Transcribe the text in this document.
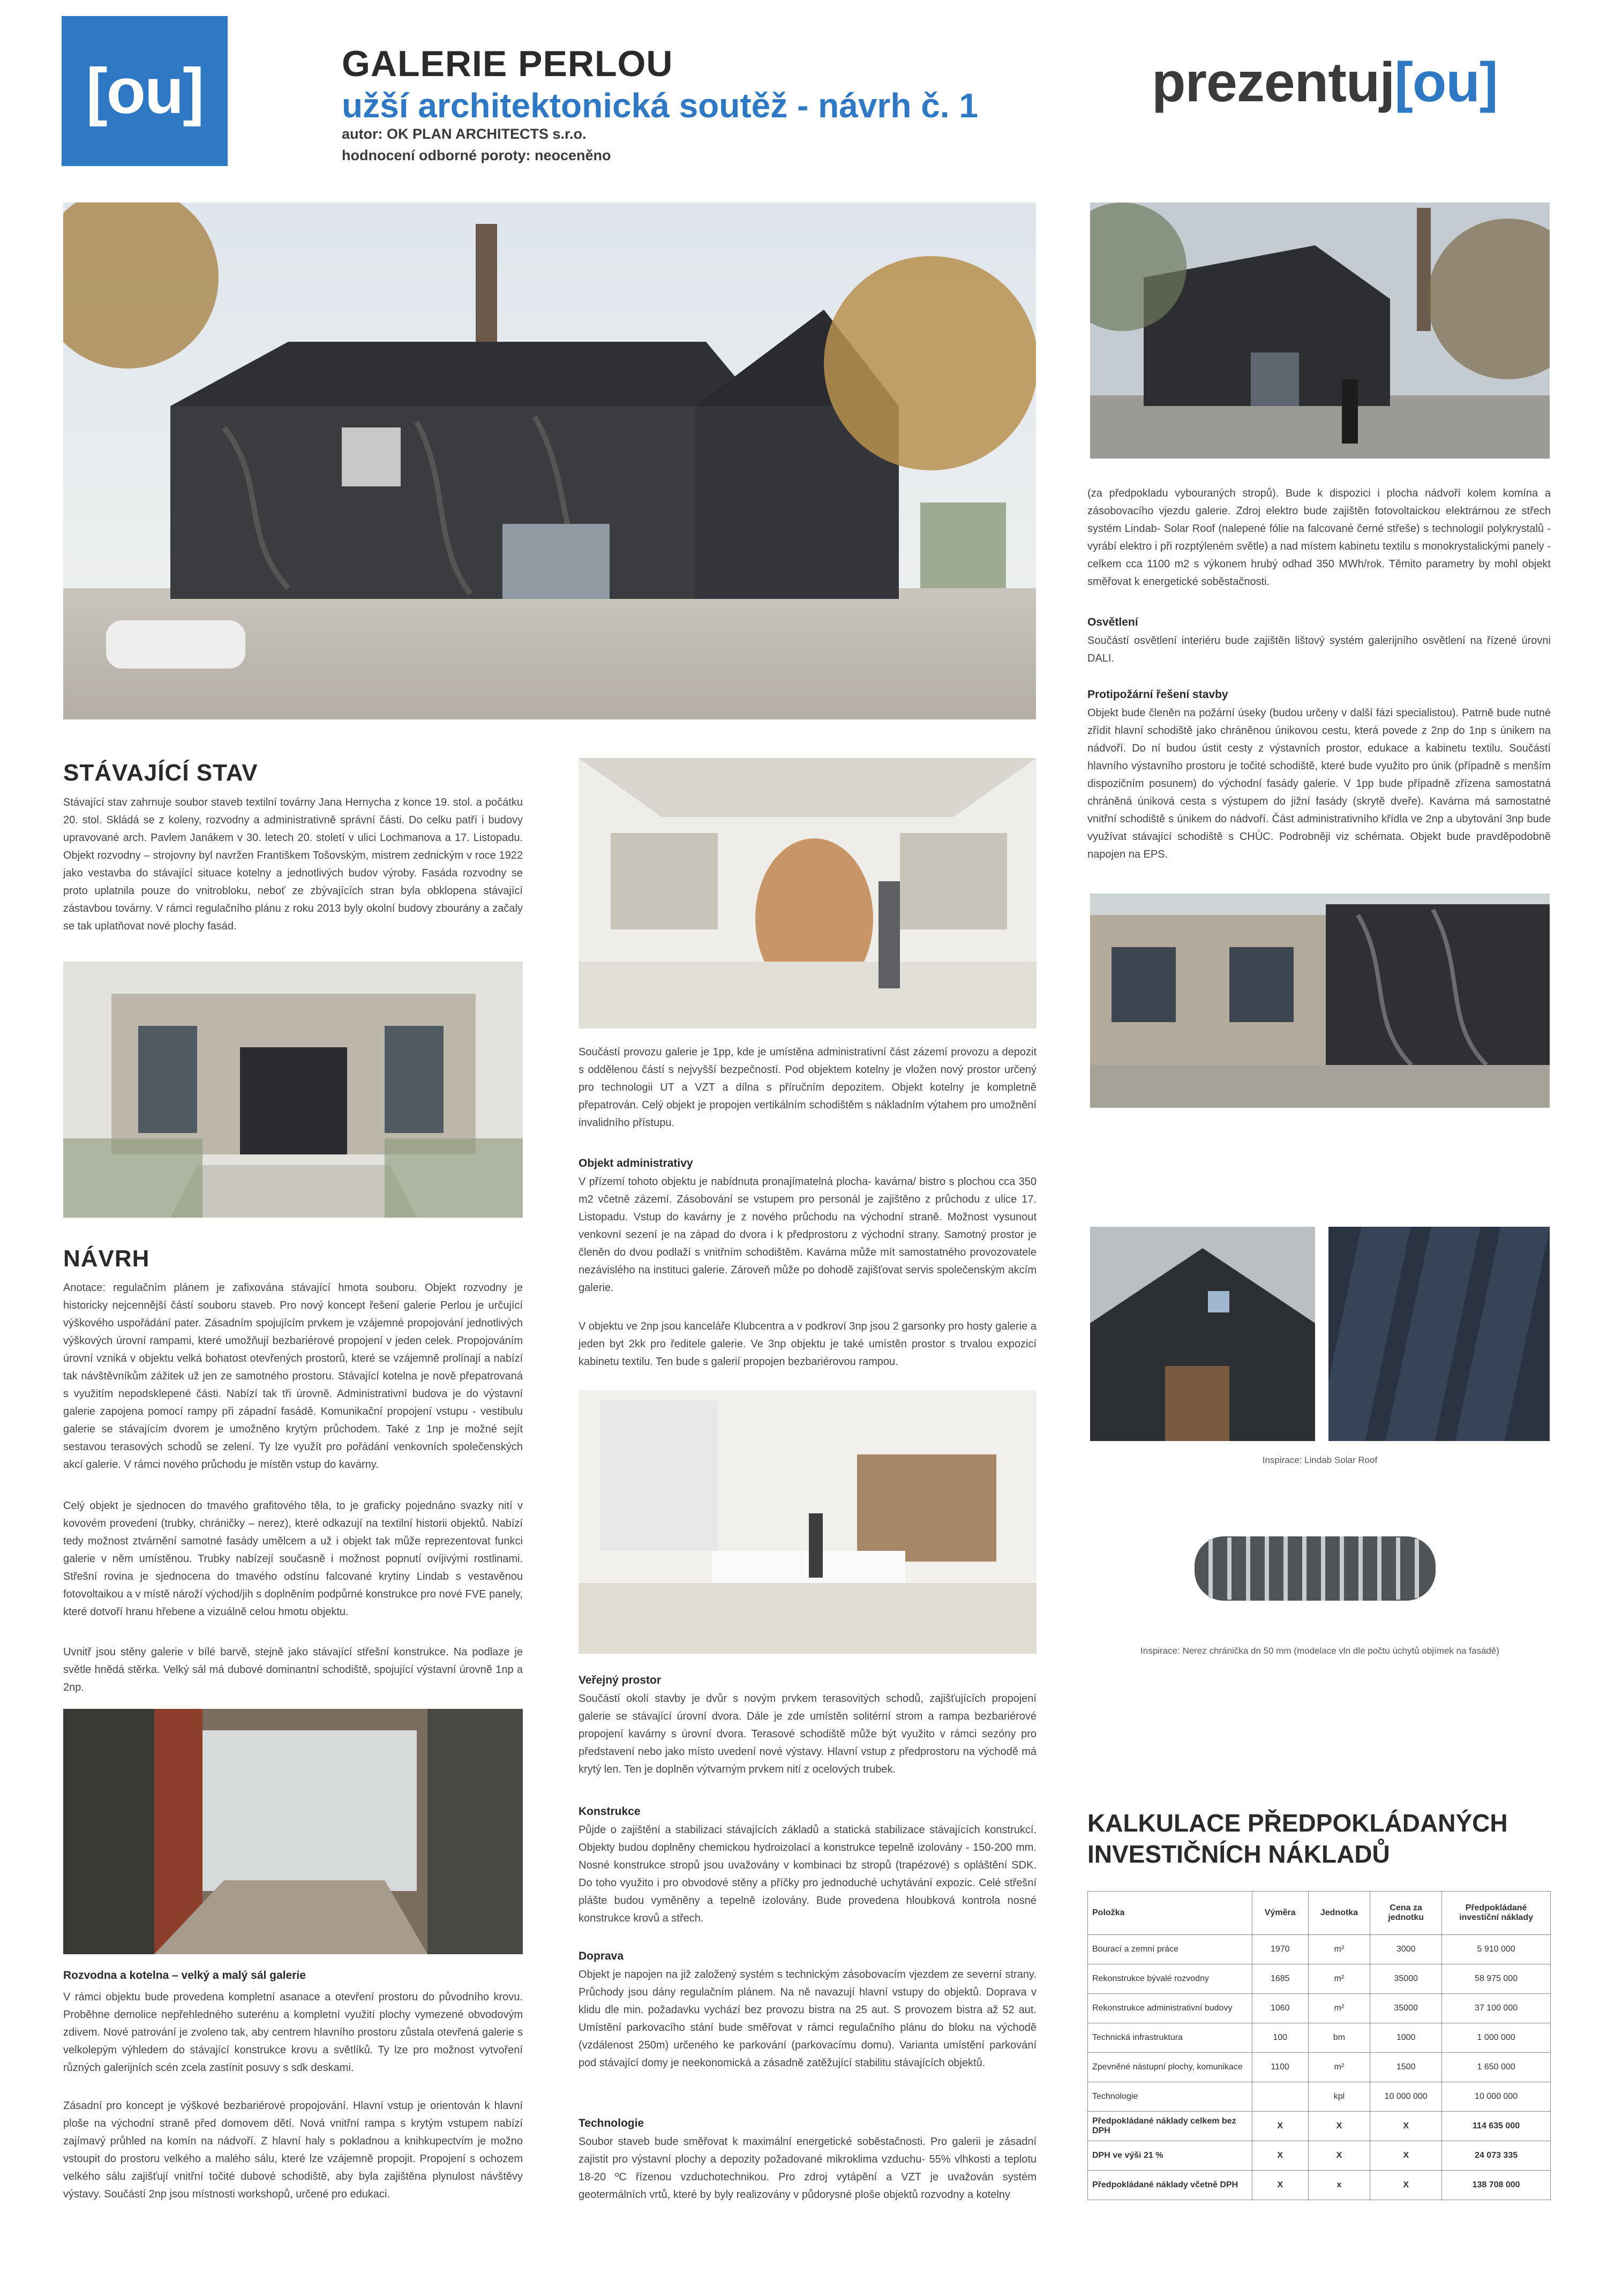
[ou]	GALERIE PERLOU
užší architektonická soutěž - návrh č. 1
autor: OK PLAN ARCHITECTS s.r.o.
hodnocení odborné poroty: neoceněno
prezentuj[ou]
STÁVAJÍCÍ STAV

Stávající stav zahrnuje soubor staveb textilní továrny Jana Hernycha z konce 19. stol. a počátku 20. stol. Skládá se z koleny, rozvodny a administrativně správní části. Do celku patří i budovy upravované arch. Pavlem Janákem v 30. letech 20. století v ulici Lochmanova a 17. Listopadu. Objekt rozvodny – strojovny byl navržen Františkem Tošovským, mistrem zednickým v roce 1922 jako vestavba do stávající situace kotelny a jednotlivých budov výroby. Fasáda rozvodny se proto uplatnila pouze do vnitrobloku, neboť ze zbývajících stran byla obklopena stávající zástavbou továrny. V rámci regulačního plánu z roku 2013 byly okolní budovy zbourány a začaly se tak uplatňovat nové plochy fasád.

NÁVRH

Anotace: regulačním plánem je zafixována stávající hmota souboru. Objekt rozvodny je historicky nejcennější částí souboru staveb. Pro nový koncept řešení galerie Perlou je určující výškového uspořádání pater. Zásadním spojujícím prvkem je vzájemné propojování jednotlivých výškových úrovní rampami, které umožňují bezbariérové propojení v jeden celek. Propojováním úrovní vzniká v objektu velká bohatost otevřených prostorů, které se vzájemně prolínají a nabízí tak návštěvníkům zážitek už jen ze samotného prostoru. Stávající kotelna je nově přepatrovaná s využitím nepodsklepené části. Nabízí tak tři úrovně. Administrativní budova je do výstavní galerie zapojena pomocí rampy při západní fasádě. Komunikační propojení vstupu - vestibulu galerie se stávajícím dvorem je umožněno krytým průchodem. Také z 1np je možné sejít sestavou terasových schodů se zelení. Ty lze využít pro pořádání venkovních společenských akcí galerie. V rámci nového průchodu je místěn vstup do kavárny.

Celý objekt je sjednocen do tmavého grafitového těla, to je graficky pojednáno svazky nití v kovovém provedení (trubky, chráničky – nerez), které odkazují na textilní historii objektů. Nabízí tedy možnost ztvárnění samotné fasády umělcem a už i objekt tak může reprezentovat funkci galerie v něm umístěnou. Trubky nabízejí současně i možnost popnutí ovíjivými rostlinami. Střešní rovina je sjednocena do tmavého odstínu falcované krytiny Lindab s vestavěnou fotovoltaikou a v místě nároží východ/jih s doplněním podpůrné konstrukce pro nové FVE panely, které dotvoří hranu hřebene a vizuálně celou hmotu objektu.

Uvnitř jsou stěny galerie v bílé barvě, stejně jako stávající střešní konstrukce. Na podlaze je světle hnědá stěrka. Velký sál má dubové dominantní schodiště, spojující výstavní úrovně 1np a 2np.

Rozvodna a kotelna – velký a malý sál galerie

V rámci objektu bude provedena kompletní asanace a otevření prostoru do původního krovu. Proběhne demolice nepřehledného suterénu a kompletní využití plochy vymezené obvodovým zdivem. Nové patrování je zvoleno tak, aby centrem hlavního prostoru zůstala otevřená galerie s velkolepým výhledem do stávající konstrukce krovu a světlíků. Ty lze pro možnost vytvoření různých galerijních scén zcela zastínit posuvy s sdk deskami.

Zásadní pro koncept je výškové bezbariérové propojování. Hlavní vstup je orientován k hlavní ploše na východní straně před domovem dětí. Nová vnitřní rampa s krytým vstupem nabízí zajímavý průhled na komín na nádvoří. Z hlavní haly s pokladnou a knihkupectvím je možno vstoupit do prostoru velkého a malého sálu, které lze vzájemně propojit. Propojení s ochozem velkého sálu zajišťují vnitřní točité dubové schodiště, aby byla zajištěna plynulost návštěvy výstavy. Součástí 2np jsou místnosti workshopů, určené pro edukaci.

Součástí provozu galerie je 1pp, kde je umístěna administrativní část zázemí provozu a depozit s oddělenou částí s nejvyšší bezpečností. Pod objektem kotelny je vložen nový prostor určený pro technologii UT a VZT a dílna s příručním depozitem. Objekt kotelny je kompletně přepatrován. Celý objekt je propojen vertikálním schodištěm s nákladním výtahem pro umožnění invalidního přístupu.

Objekt administrativy

V přízemí tohoto objektu je nabídnuta pronajímatelná plocha- kavárna/ bistro s plochou cca 350 m2 včetně zázemí. Zásobování se vstupem pro personál je zajištěno z průchodu z ulice 17. Listopadu. Vstup do kavárny je z nového průchodu na východní straně. Možnost vysunout venkovní sezení je na západ do dvora i k předprostoru z východní strany. Samotný prostor je členěn do dvou podlaží s vnitřním schodištěm. Kavárna může mít samostatného provozovatele nezávislého na instituci galerie. Zároveň může po dohodě zajišťovat servis společenským akcím galerie.

V objektu ve 2np jsou kanceláře Klubcentra a v podkroví 3np jsou 2 garsonky pro hosty galerie a jeden byt 2kk pro ředitele galerie. Ve 3np objektu je také umístěn prostor s trvalou expozicí kabinetu textilu. Ten bude s galerií propojen bezbariérovou rampou.

Veřejný prostor

Součástí okolí stavby je dvůr s novým prvkem terasovitých schodů, zajišťujících propojení galerie se stávající úrovní dvora. Dále je zde umístěn solitérní strom a rampa bezbariérové propojení kavárny s úrovní dvora. Terasové schodiště může být využito v rámci sezóny pro představení nebo jako místo uvedení nové výstavy. Hlavní vstup z předprostoru na východě má krytý len. Ten je doplněn výtvarným prvkem nití z ocelových trubek.

Konstrukce

Půjde o zajištění a stabilizaci stávajících základů a statická stabilizace stávajících konstrukcí. Objekty budou doplněny chemickou hydroizolací a konstrukce tepelně izolovány - 150-200 mm. Nosné konstrukce stropů jsou uvažovány v kombinaci bz stropů (trapézové) s opláštění SDK. Do toho využito i pro obvodové stěny a příčky pro jednoduché uchytávání expozic. Celé střešní plášte budou vyměněny a tepelně izolovány. Bude provedena hloubková kontrola nosné konstrukce krovů a střech.

Doprava

Objekt je napojen na již založený systém s technickým zásobovacím vjezdem ze severní strany. Průchody jsou dány regulačním plánem. Na ně navazují hlavní vstupy do objektů. Doprava v klidu dle min. požadavku vychází bez provozu bistra na 25 aut. S provozem bistra až 52 aut. Umístění parkovacího stání bude směřovat v rámci regulačního plánu do bloku na východě (vzdálenost 250m) určeného ke parkování (parkovacímu domu). Varianta umístění parkování pod stávající domy je neekonomická a zásadně zatěžující stabilitu stávajících objektů.

Technologie

Soubor staveb bude směřovat k maximální energetické soběstačnosti. Pro galerii je zásadní zajistit pro výstavní plochy a depozity požadované mikroklima vzduchu- 55% vlhkosti a teplotu 18-20 ºC řízenou vzduchotechnikou. Pro zdroj vytápění a VZT je uvažován systém geotermálních vrtů, které by byly realizovány v půdorysné ploše objektů rozvodny a kotelny

(za předpokladu vybouraných stropů). Bude k dispozici i plocha nádvoří kolem komína a zásobovacího vjezdu galerie. Zdroj elektro bude zajištěn fotovoltaickou elektrárnou ze střech systém Lindab- Solar Roof (nalepené fólie na falcované černé střeše) s technologií polykrystalů - vyrábí elektro i při rozptýleném světle) a nad místem kabinetu textilu s monokrystalickými panely - celkem cca 1100 m2 s výkonem hrubý odhad 350 MWh/rok. Těmito parametry by mohl objekt směřovat k energetické soběstačnosti.

Osvětlení

Součástí osvětlení interiéru bude zajištěn lištový systém galerijního osvětlení na řízené úrovni DALI.

Protipožární řešení stavby

Objekt bude členěn na požární úseky (budou určeny v další fázi specialistou). Patrně bude nutné zřídit hlavní schodiště jako chráněnou únikovou cestu, která povede z 2np do 1np s únikem na nádvoří. Do ní budou ústit cesty z výstavních prostor, edukace a kabinetu textilu. Součástí hlavního výstavního prostoru je točité schodiště, které bude využito pro únik (případně s menším dispozičním posunem) do východní fasády galerie. V 1pp bude případně zřízena samostatná chráněná úniková cesta s výstupem do jižní fasády (skrytě dveře). Kavárna má samostatné vnitřní schodiště s únikem do nádvoří. Část administrativního křídla ve 2np a ubytování 3np bude využívat stávající schodiště s CHÚC. Podrobněji viz schémata. Objekt bude pravděpodobně napojen na EPS.

Inspirace: Lindab Solar Roof
Inspirace: Nerez chránička dn 50 mm (modelace vln dle počtu úchytů objímek na fasádě)
KALKULACE PŘEDPOKLÁDANÝCH
INVESTIČNÍCH NÁKLADŮ
Položka	Výměra	Jednotka	Cena za jednotku	Předpokládané investiční náklady
Bourací a zemní práce	1970	m²	3000	5 910 000
Rekonstrukce bývalé rozvodny	1685	m²	35000	58 975 000
Rekonstrukce administrativní budovy	1060	m²	35000	37 100 000
Technická infrastruktura	100	bm	1000	1 000 000
Zpevněné nástupní plochy, komunikace	1100	m²	1500	1 650 000
Technologie		kpl	10 000 000	10 000 000
Předpokládané náklady celkem bez DPH	X	X	X	114 635 000
DPH ve výši 21 %	X	X	X	24 073 335
Předpokládané náklady včetně DPH	X	x	X	138 708 000
